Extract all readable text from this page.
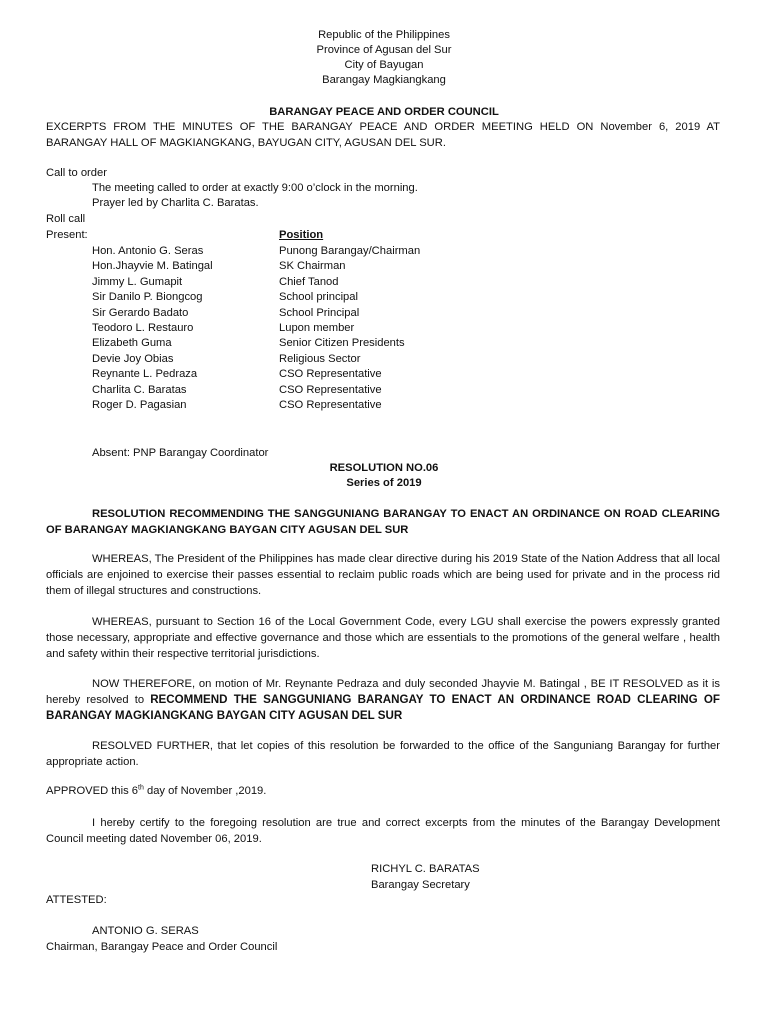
Republic of the Philippines
Province of Agusan del Sur
City of Bayugan
Barangay Magkiangkang
BARANGAY PEACE AND ORDER COUNCIL
EXCERPTS FROM THE MINUTES OF THE BARANGAY PEACE AND ORDER MEETING HELD ON November 6, 2019 AT BARANGAY HALL OF MAGKIANGKANG, BAYUGAN CITY, AGUSAN DEL SUR.
Call to order
The meeting called to order at exactly 9:00 o’clock in the morning.
Prayer led by Charlita C. Baratas.
Roll call
Present:	Position
Hon. Antonio G. Seras	Punong Barangay/Chairman
Hon.Jhayvie M. Batingal	SK Chairman
Jimmy L. Gumapit	Chief Tanod
Sir Danilo P. Biongcog	School principal
Sir Gerardo Badato	School Principal
Teodoro L. Restauro	Lupon member
Elizabeth Guma	Senior Citizen Presidents
Devie Joy Obias	Religious Sector
Reynante L. Pedraza	CSO Representative
Charlita C. Baratas	CSO Representative
Roger D. Pagasian	CSO Representative
Absent: PNP Barangay Coordinator
RESOLUTION NO.06
Series of 2019
RESOLUTION RECOMMENDING THE SANGGUNIANG BARANGAY TO ENACT AN ORDINANCE ON ROAD CLEARING OF BARANGAY MAGKIANGKANG BAYGAN CITY AGUSAN DEL SUR
WHEREAS, The President of the Philippines has made clear directive during his 2019 State of the Nation Address that all local officials are enjoined to exercise their passes essential to reclaim public roads which are being used for private and in the process rid them of illegal structures and constructions.
WHEREAS, pursuant to Section 16 of the Local Government Code, every LGU shall exercise the powers expressly granted those necessary, appropriate and effective governance and those which are essentials to the promotions of the general welfare , health and safety within their respective territorial jurisdictions.
NOW THEREFORE, on motion of Mr. Reynante Pedraza and duly seconded Jhayvie M. Batingal , BE IT RESOLVED as it is hereby resolved to RECOMMEND THE SANGGUNIANG BARANGAY TO ENACT AN ORDINANCE ROAD CLEARING OF BARANGAY MAGKIANGKANG BAYGAN CITY AGUSAN DEL SUR
RESOLVED FURTHER, that let copies of this resolution be forwarded to the office of the Sanguniang Barangay for further appropriate action.
APPROVED this 6th day of November ,2019.
I hereby certify to the foregoing resolution are true and correct excerpts from the minutes of the Barangay Development Council meeting dated November 06, 2019.
RICHYL C. BARATAS
Barangay Secretary
ATTESTED:
ANTONIO G. SERAS
Chairman, Barangay Peace and Order Council
